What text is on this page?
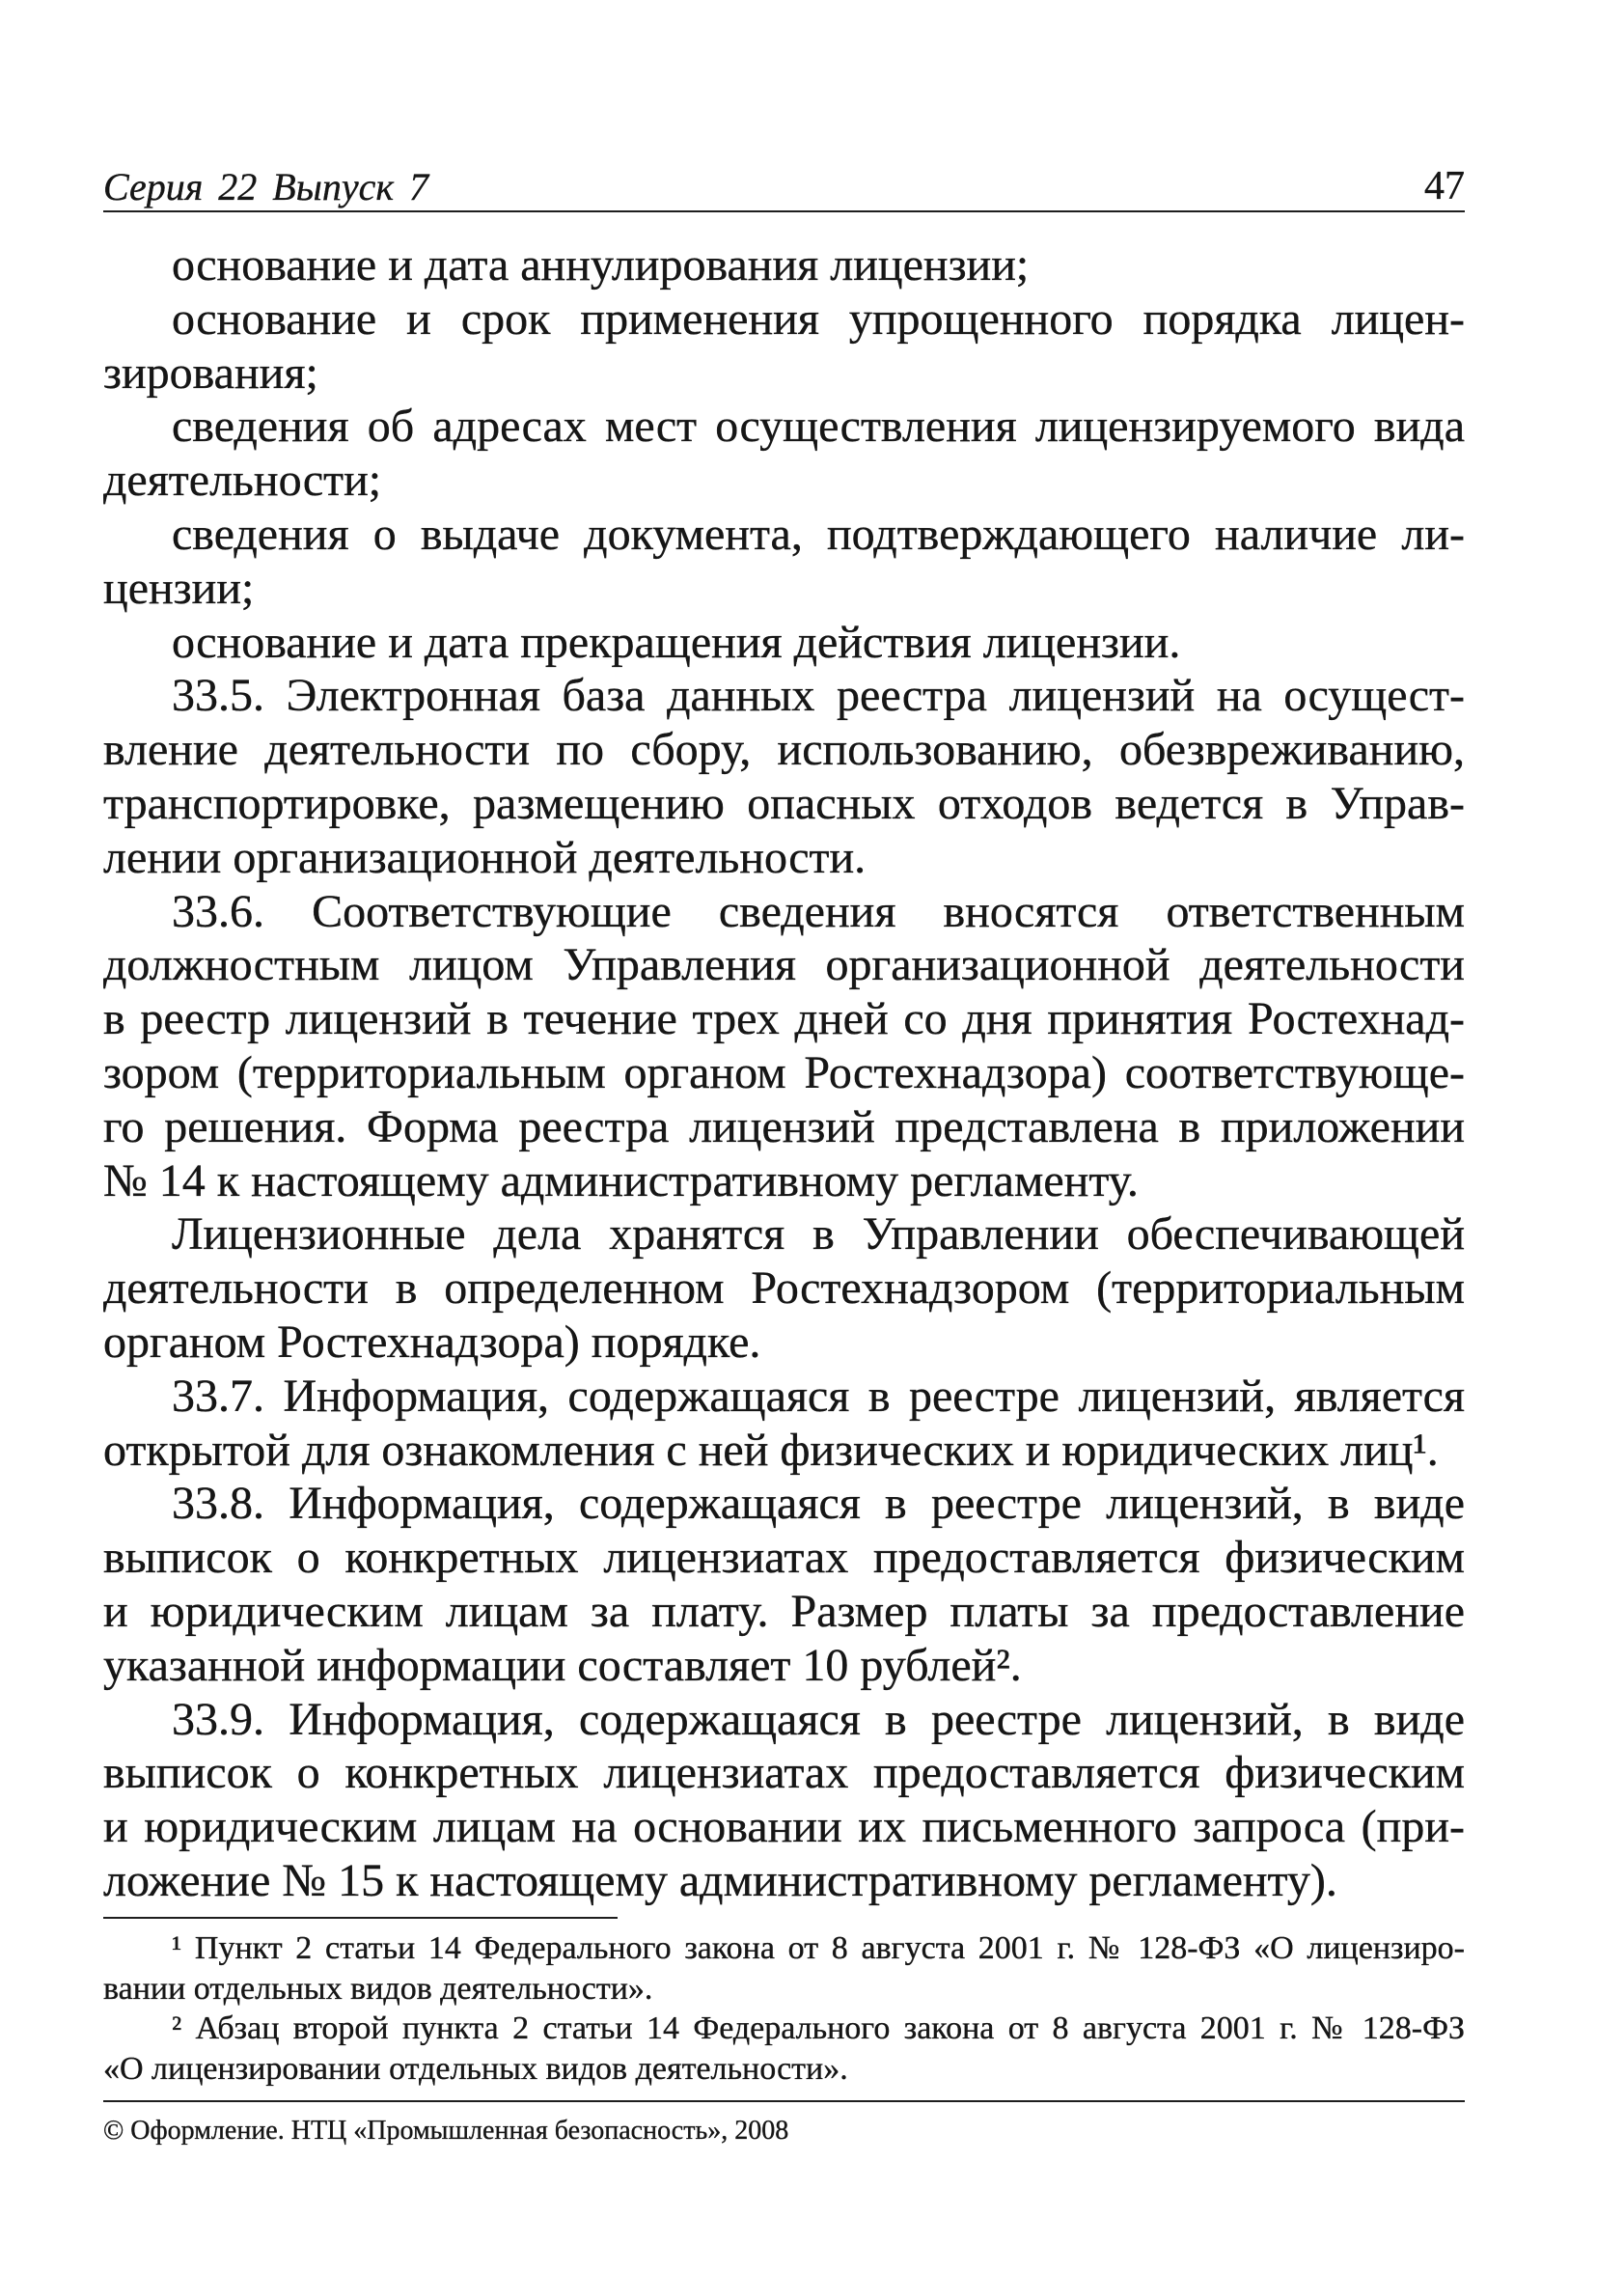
Серия 22 Выпуск 7	47
основание и дата аннулирования лицензии;
основание и срок применения упрощенного порядка лицен-
зирования;
сведения об адресах мест осуществления лицензируемого вида
деятельности;
сведения о выдаче документа, подтверждающего наличие ли-
цензии;
основание и дата прекращения действия лицензии.
33.5. Электронная база данных реестра лицензий на осущест-
вление деятельности по сбору, использованию, обезвреживанию,
транспортировке, размещению опасных отходов ведется в Управ-
лении организационной деятельности.
33.6. Соответствующие сведения вносятся ответственным
должностным лицом Управления организационной деятельности
в реестр лицензий в течение трех дней со дня принятия Ростехнад-
зором (территориальным органом Ростехнадзора) соответствующе-
го решения. Форма реестра лицензий представлена в приложении
№ 14 к настоящему административному регламенту.
Лицензионные дела хранятся в Управлении обеспечивающей
деятельности в определенном Ростехнадзором (территориальным
органом Ростехнадзора) порядке.
33.7. Информация, содержащаяся в реестре лицензий, является
открытой для ознакомления с ней физических и юридических лиц¹.
33.8. Информация, содержащаяся в реестре лицензий, в виде
выписок о конкретных лицензиатах предоставляется физическим
и юридическим лицам за плату. Размер платы за предоставление
указанной информации составляет 10 рублей².
33.9. Информация, содержащаяся в реестре лицензий, в виде
выписок о конкретных лицензиатах предоставляется физическим
и юридическим лицам на основании их письменного запроса (при-
ложение № 15 к настоящему административному регламенту).
¹ Пункт 2 статьи 14 Федерального закона от 8 августа 2001 г. № 128-ФЗ «О лицензиро-
вании отдельных видов деятельности».
² Абзац второй пункта 2 статьи 14 Федерального закона от 8 августа 2001 г. № 128-ФЗ
«О лицензировании отдельных видов деятельности».
© Оформление. НТЦ «Промышленная безопасность», 2008
